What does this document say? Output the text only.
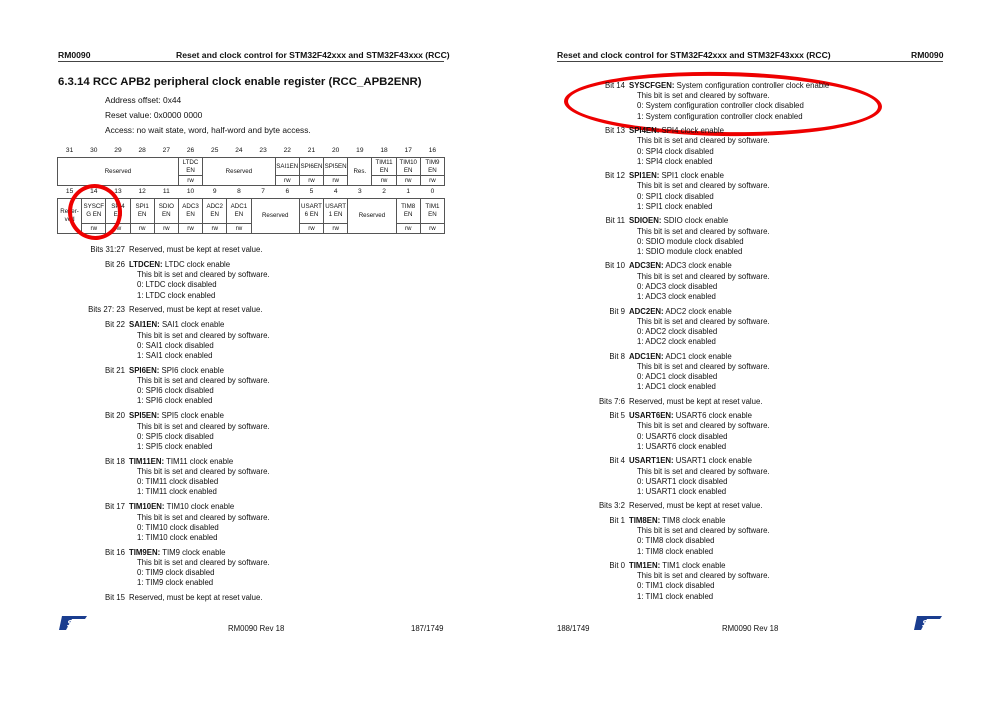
RM0090	Reset and clock control for STM32F42xxx and STM32F43xxx (RCC)
6.3.14 RCC APB2 peripheral clock enable register (RCC_APB2ENR)
Address offset: 0x44
Reset value: 0x0000 0000
Access: no wait state, word, half-word and byte access.
31	30	29	28	27	26	25	24	23	22	21	20	19	18	17	16
Reserved					LTDC EN	Reserved			SAI1EN	SPI6EN	SPI5EN	Res.	TIM11 EN	TIM10 EN	TIM9 EN
					rw				rw	rw	rw		rw	rw	rw
15	14	13	12	11	10	9	8	7	6	5	4	3	2	1	0
Reser-ved	SYSCF G EN	SPI4 EN	SPI1 EN	SDIO EN	ADC3 EN	ADC2 EN	ADC1 EN	Reserved		USART 6 EN	USART 1 EN	Reserved		TIM8 EN	TIM1 EN
	rw	rw	rw	rw	rw	rw	rw			rw	rw			rw	rw
Bits 31:27 Reserved, must be kept at reset value.
Bit 26 LTDCEN: LTDC clock enable
This bit is set and cleared by software.
0: LTDC clock disabled
1: LTDC clock enabled
Bits 27: 23 Reserved, must be kept at reset value.
Bit 22 SAI1EN: SAI1 clock enable
This bit is set and cleared by software.
0: SAI1 clock disabled
1: SAI1 clock enabled
Bit 21 SPI6EN: SPI6 clock enable
This bit is set and cleared by software.
0: SPI6 clock disabled
1: SPI6 clock enabled
Bit 20 SPI5EN: SPI5 clock enable
This bit is set and cleared by software.
0: SPI5 clock disabled
1: SPI5 clock enabled
Bit 18 TIM11EN: TIM11 clock enable
This bit is set and cleared by software.
0: TIM11 clock disabled
1: TIM11 clock enabled
Bit 17 TIM10EN: TIM10 clock enable
This bit is set and cleared by software.
0: TIM10 clock disabled
1: TIM10 clock enabled
Bit 16 TIM9EN: TIM9 clock enable
This bit is set and cleared by software.
0: TIM9 clock disabled
1: TIM9 clock enabled
Bit 15 Reserved, must be kept at reset value.
ST	RM0090 Rev 18	187/1749
Reset and clock control for STM32F42xxx and STM32F43xxx (RCC)	RM0090
Bit 14 SYSCFGEN: System configuration controller clock enable
This bit is set and cleared by software.
0: System configuration controller clock disabled
1: System configuration controller clock enabled
Bit 13 SPI4EN: SPI4 clock enable
This bit is set and cleared by software.
0: SPI4 clock disabled
1: SPI4 clock enabled
Bit 12 SPI1EN: SPI1 clock enable
This bit is set and cleared by software.
0: SPI1 clock disabled
1: SPI1 clock enabled
Bit 11 SDIOEN: SDIO clock enable
This bit is set and cleared by software.
0: SDIO module clock disabled
1: SDIO module clock enabled
Bit 10 ADC3EN: ADC3 clock enable
This bit is set and cleared by software.
0: ADC3 clock disabled
1: ADC3 clock enabled
Bit 9 ADC2EN: ADC2 clock enable
This bit is set and cleared by software.
0: ADC2 clock disabled
1: ADC2 clock enabled
Bit 8 ADC1EN: ADC1 clock enable
This bit is set and cleared by software.
0: ADC1 clock disabled
1: ADC1 clock enabled
Bits 7:6 Reserved, must be kept at reset value.
Bit 5 USART6EN: USART6 clock enable
This bit is set and cleared by software.
0: USART6 clock disabled
1: USART6 clock enabled
Bit 4 USART1EN: USART1 clock enable
This bit is set and cleared by software.
0: USART1 clock disabled
1: USART1 clock enabled
Bits 3:2 Reserved, must be kept at reset value.
Bit 1 TIM8EN: TIM8 clock enable
This bit is set and cleared by software.
0: TIM8 clock disabled
1: TIM8 clock enabled
Bit 0 TIM1EN: TIM1 clock enable
This bit is set and cleared by software.
0: TIM1 clock disabled
1: TIM1 clock enabled
188/1749	RM0090 Rev 18	ST
